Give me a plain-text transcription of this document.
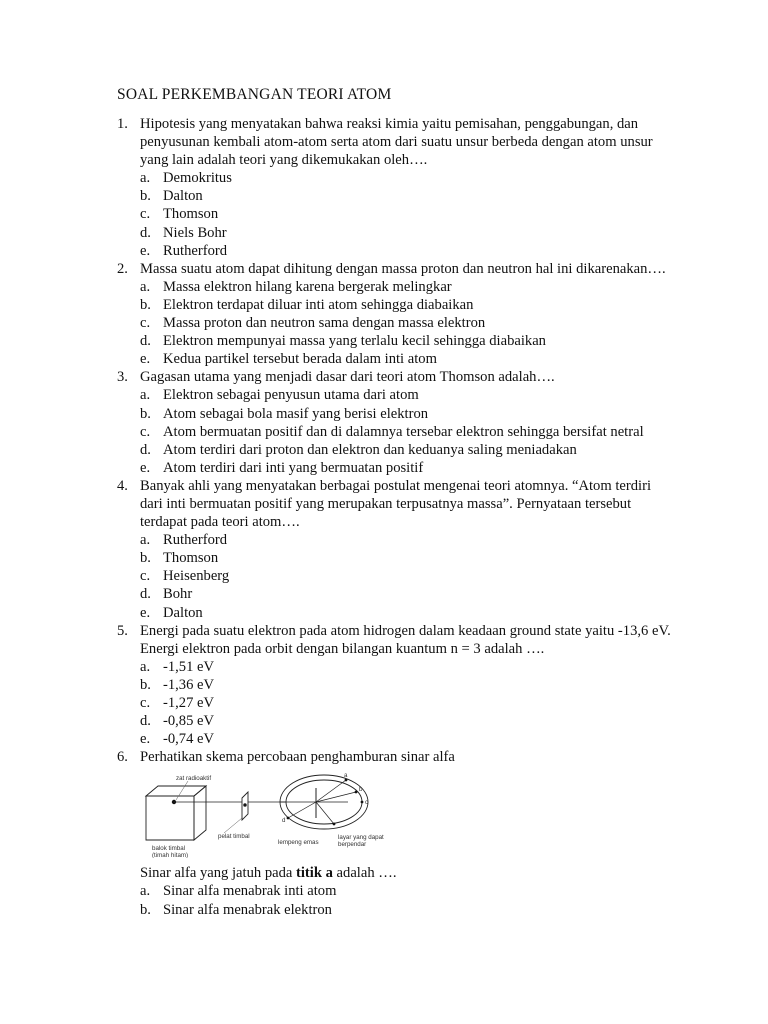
SOAL PERKEMBANGAN TEORI ATOM
1. Hipotesis yang menyatakan bahwa reaksi kimia yaitu pemisahan, penggabungan, dan penyusunan kembali atom-atom serta atom dari suatu unsur berbeda dengan atom unsur yang lain adalah teori yang dikemukakan oleh….
a. Demokritus
b. Dalton
c. Thomson
d. Niels Bohr
e. Rutherford
2. Massa suatu atom dapat dihitung dengan massa proton dan neutron hal ini dikarenakan….
a. Massa elektron hilang karena bergerak melingkar
b. Elektron terdapat diluar inti atom sehingga diabaikan
c. Massa proton dan neutron sama dengan massa elektron
d. Elektron mempunyai massa yang terlalu kecil sehingga diabaikan
e. Kedua partikel tersebut berada dalam inti atom
3. Gagasan utama yang menjadi dasar dari teori atom Thomson adalah….
a. Elektron sebagai penyusun utama dari atom
b. Atom sebagai bola masif yang berisi elektron
c. Atom bermuatan positif dan di dalamnya tersebar elektron sehingga bersifat netral
d. Atom terdiri dari proton dan elektron dan keduanya saling meniadakan
e. Atom terdiri dari inti yang bermuatan positif
4. Banyak ahli yang menyatakan berbagai postulat mengenai teori atomnya. “Atom terdiri dari inti bermuatan positif yang merupakan terpusatnya massa”. Pernyataan tersebut terdapat pada teori atom….
a. Rutherford
b. Thomson
c. Heisenberg
d. Bohr
e. Dalton
5. Energi pada suatu elektron pada atom hidrogen dalam keadaan ground state yaitu -13,6 eV. Energi elektron pada orbit dengan bilangan kuantum n = 3 adalah ….
a. -1,51 eV
b. -1,36 eV
c. -1,27 eV
d. -0,85 eV
e. -0,74 eV
6. Perhatikan skema percobaan penghamburan sinar alfa
zat radioaktif
pelat timbal
balok timbal
(timah hitam)
lempeng emas
layar yang dapat
berpendar
a
b
c
d
Sinar alfa yang jatuh pada titik a adalah ….
a. Sinar alfa menabrak inti atom
b. Sinar alfa menabrak elektron
